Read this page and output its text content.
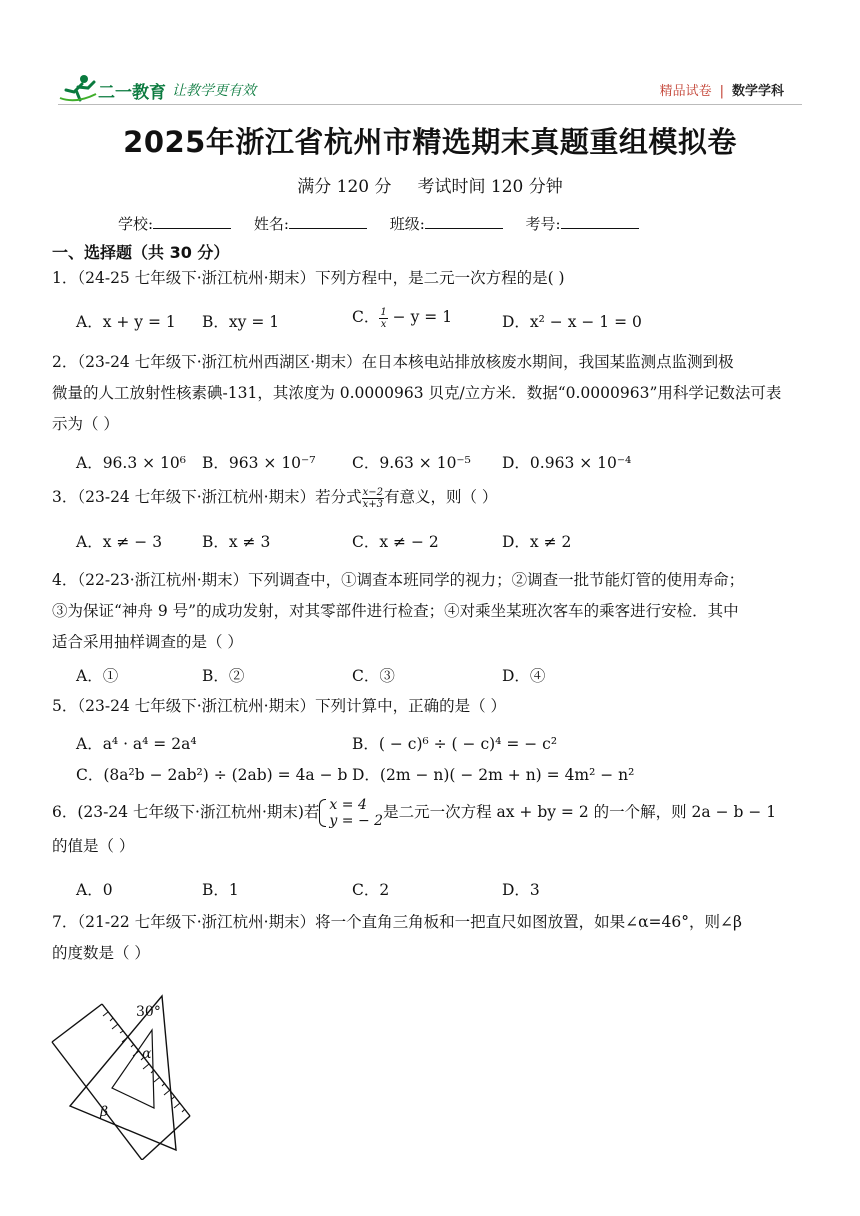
二一教育 让教学更有效	精品试卷 | 数学学科
2025年浙江省杭州市精选期末真题重组模拟卷
满分 120 分 考试时间 120 分钟
学校:	姓名:	班级:	考号:
一、选择题（共 30 分）
1．（24-25 七年级下·浙江杭州·期末）下列方程中，是二元一次方程的是( )
A．x + y = 1 B．xy = 1	C． $\frac{1}{x} - y = 1$	D．x² − x − 1 = 0
2．（23-24 七年级下·浙江杭州西湖区·期末）在日本核电站排放核废水期间，我国某监测点监测到极
微量的人工放射性核素碘-131，其浓度为 0.0000963 贝克/立方米．数据“0.0000963”用科学记数法可表
示为（ ）
A．96.3 × 10⁶ B．963 × 10⁻⁷ C．9.63 × 10⁻⁵ D．0.963 × 10⁻⁴
3．（23-24 七年级下·浙江杭州·期末）若分式 $\frac{x-2}{x+3}$ 有意义，则（ ）
A．x ≠ − 3	B．x ≠ 3	C．x ≠ − 2	D．x ≠ 2
4．（22-23·浙江杭州·期末）下列调查中，①调查本班同学的视力；②调查一批节能灯管的使用寿命；
③为保证“神舟 9 号”的成功发射，对其零部件进行检查；④对乘坐某班次客车的乘客进行安检．其中
适合采用抽样调查的是（ ）
A．①	B．②	C．③	D．④
5．（23-24 七年级下·浙江杭州·期末）下列计算中，正确的是（ ）
A．a⁴ · a⁴ = 2a⁴	B．( − c)⁶ ÷ ( − c)⁴ = − c²
C．(8a²b − 2ab²) ÷ (2ab) = 4a − b D．(2m − n)( − 2m + n) = 4m² − n²
6．(23-24 七年级下·浙江杭州·期末)若 x = 4
y = − 2 是二元一次方程 ax + by = 2 的一个解，则 2a − b − 1
的值是（ ）
A．0	B．1	C．2	D．3
7．（21-22 七年级下·浙江杭州·期末）将一个直角三角板和一把直尺如图放置，如果∠α=46°，则∠β
的度数是（ ）
30°
α
β
